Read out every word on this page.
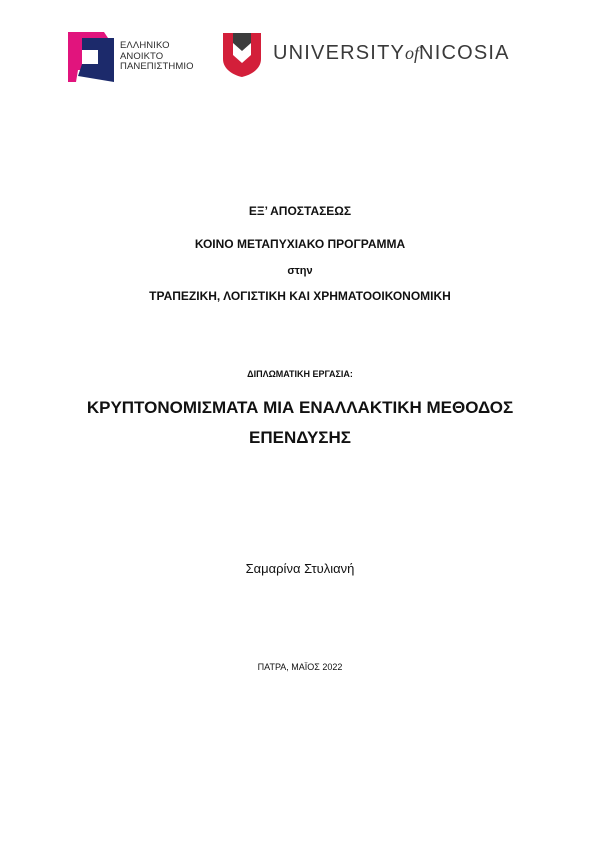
ΕΛΛΗΝΙΚΟ
ΑΝΟΙΚΤΟ
ΠΑΝΕΠΙΣΤΗΜΙΟ
UNIVERSITYofNICOSIA
ΕΞ’ ΑΠΟΣΤΑΣΕΩΣ
ΚΟΙΝΟ ΜΕΤΑΠΥΧΙΑΚΟ ΠΡΟΓΡΑΜΜΑ
στην
ΤΡΑΠΕΖΙΚΗ, ΛΟΓΙΣΤΙΚΗ ΚΑΙ ΧΡΗΜΑΤΟΟΙΚΟΝΟΜΙΚΗ
ΔΙΠΛΩΜΑΤΙΚΗ ΕΡΓΑΣΙΑ:
ΚΡΥΠΤΟΝΟΜΙΣΜΑΤΑ ΜΙΑ ΕΝΑΛΛΑΚΤΙΚΗ ΜΕΘΟΔΟΣ
ΕΠΕΝΔΥΣΗΣ
Σαμαρίνα Στυλιανή
ΠΑΤΡΑ, ΜΑΪΟΣ 2022
